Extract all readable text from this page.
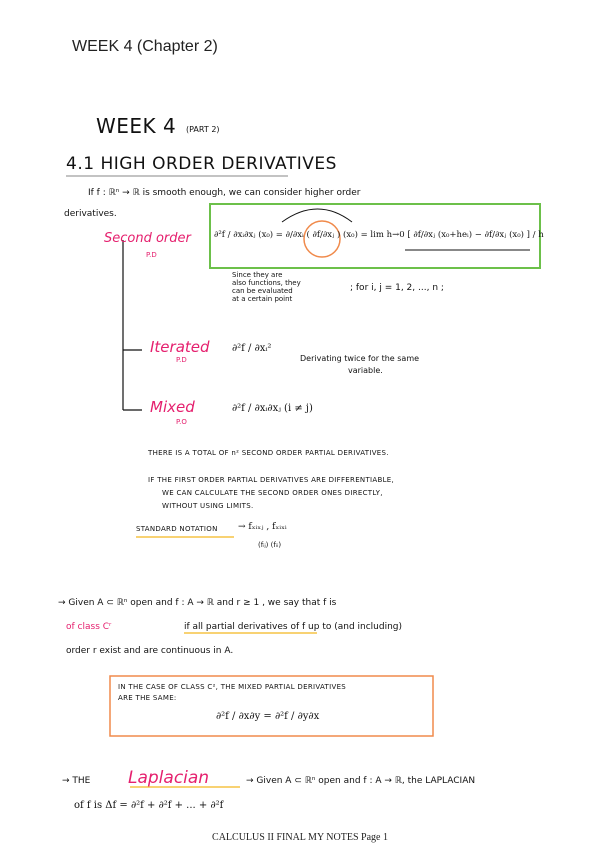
WEEK 4 (Chapter 2)
WEEK 4 (PART 2)
4.1 HIGH ORDER DERIVATIVES
If f : ℝⁿ → ℝ is smooth enough, we can consider higher order
derivatives.
Second order
P.D
∂²f / ∂xᵢ∂xⱼ (x₀) = ∂/∂xᵢ ( ∂f/∂xⱼ ) (x₀) = lim h→0 [ ∂f/∂xⱼ (x₀+heᵢ) − ∂f/∂xⱼ (x₀) ] / h
Since they are
also functions, they
can be evaluated
at a certain point
; for i, j = 1, 2, ..., n ;
Iterated
P.D
∂²f / ∂xᵢ²
Derivating twice for the same
variable.
Mixed
P.O
∂²f / ∂xᵢ∂xⱼ (i ≠ j)
THERE IS A TOTAL OF n² SECOND ORDER PARTIAL DERIVATIVES.
IF THE FIRST ORDER PARTIAL DERIVATIVES ARE DIFFERENTIABLE,
WE CAN CALCULATE THE SECOND ORDER ONES DIRECTLY,
WITHOUT USING LIMITS.
STANDARD NOTATION → fₓᵢₓⱼ , fₓᵢₓᵢ
(fᵢⱼ) (fᵢᵢ)
→ Given A ⊂ ℝⁿ open and f : A → ℝ and r ≥ 1 , we say that f is
of class Cʳ	if all partial derivatives of f up to (and including)
order r exist and are continuous in A.
IN THE CASE OF CLASS C², THE MIXED PARTIAL DERIVATIVES
ARE THE SAME:
∂²f / ∂x∂y = ∂²f / ∂y∂x
→ THE Laplacian	→ Given A ⊂ ℝⁿ open and f : A → ℝ, the LAPLACIAN
of f is Δf = ∂²f + ∂²f + ... + ∂²f
CALCULUS II FINAL MY NOTES Page 1
